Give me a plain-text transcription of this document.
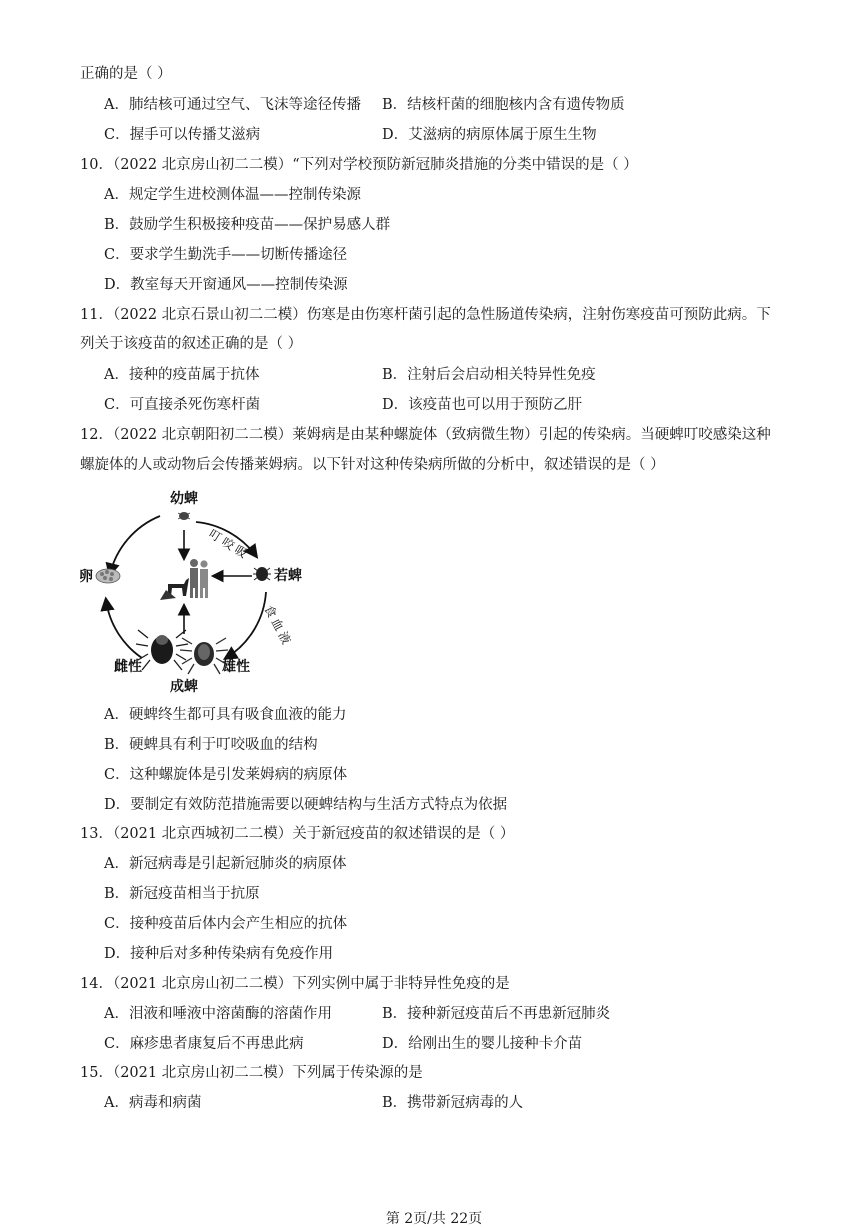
正确的是（ ）
A．肺结核可通过空气、飞沫等途径传播 B．结核杆菌的细胞核内含有遗传物质
C．握手可以传播艾滋病	D．艾滋病的病原体属于原生生物
10．（2022 北京房山初二二模）“下列对学校预防新冠肺炎措施的分类中错误的是（ ）
A．规定学生进校测体温——控制传染源
B．鼓励学生积极接种疫苗——保护易感人群
C．要求学生勤洗手——切断传播途径
D．教室每天开窗通风——控制传染源
11．（2022 北京石景山初二二模）伤寒是由伤寒杆菌引起的急性肠道传染病，注射伤寒疫苗可预防此病。下
列关于该疫苗的叙述正确的是（ ）
A．接种的疫苗属于抗体	B．注射后会启动相关特异性免疫
C．可直接杀死伤寒杆菌	D．该疫苗也可以用于预防乙肝
12．（2022 北京朝阳初二二模）莱姆病是由某种螺旋体（致病微生物）引起的传染病。当硬蜱叮咬感染这种
螺旋体的人或动物后会传播莱姆病。以下针对这种传染病所做的分析中，叙述错误的是（ ）
幼蜱
若蜱
卵
雌性	雄性
成蜱
叮咬吸
食血液
A．硬蜱终生都可具有吸食血液的能力
B．硬蜱具有利于叮咬吸血的结构
C．这种螺旋体是引发莱姆病的病原体
D．要制定有效防范措施需要以硬蜱结构与生活方式特点为依据
13．（2021 北京西城初二二模）关于新冠疫苗的叙述错误的是（ ）
A．新冠病毒是引起新冠肺炎的病原体
B．新冠疫苗相当于抗原
C．接种疫苗后体内会产生相应的抗体
D．接种后对多种传染病有免疫作用
14．（2021 北京房山初二二模）下列实例中属于非特异性免疫的是
A．泪液和唾液中溶菌酶的溶菌作用	B．接种新冠疫苗后不再患新冠肺炎
C．麻疹患者康复后不再患此病	D．给刚出生的婴儿接种卡介苗
15．（2021 北京房山初二二模）下列属于传染源的是
A．病毒和病菌	B．携带新冠病毒的人
第 2页/共 22页
